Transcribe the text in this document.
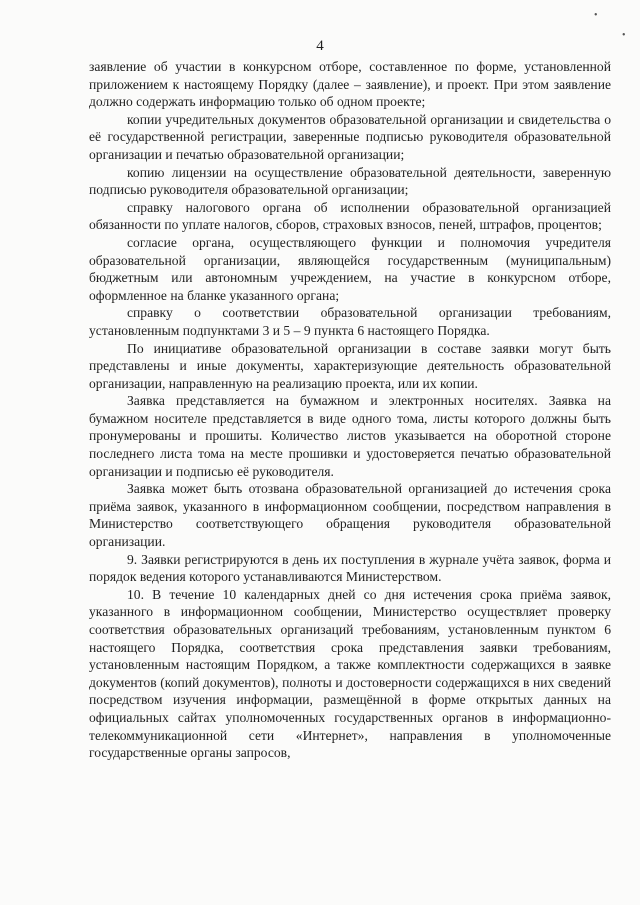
•
•
4

заявление об участии в конкурсном отборе, составленное по форме, установленной приложением к настоящему Порядку (далее – заявление), и проект. При этом заявление должно содержать информацию только об одном проекте;

копии учредительных документов образовательной организации и свидетельства о её государственной регистрации, заверенные подписью руководителя образовательной организации и печатью образовательной организации;

копию лицензии на осуществление образовательной деятельности, заверенную подписью руководителя образовательной организации;

справку налогового органа об исполнении образовательной организацией обязанности по уплате налогов, сборов, страховых взносов, пеней, штрафов, процентов;

согласие органа, осуществляющего функции и полномочия учредителя образовательной организации, являющейся государственным (муниципальным) бюджетным или автономным учреждением, на участие в конкурсном отборе, оформленное на бланке указанного органа;

справку о соответствии образовательной организации требованиям, установленным подпунктами 3 и 5 – 9 пункта 6 настоящего Порядка.

По инициативе образовательной организации в составе заявки могут быть представлены и иные документы, характеризующие деятельность образовательной организации, направленную на реализацию проекта, или их копии.

Заявка представляется на бумажном и электронных носителях. Заявка на бумажном носителе представляется в виде одного тома, листы которого должны быть пронумерованы и прошиты. Количество листов указывается на оборотной стороне последнего листа тома на месте прошивки и удостоверяется печатью образовательной организации и подписью её руководителя.

Заявка может быть отозвана образовательной организацией до истечения срока приёма заявок, указанного в информационном сообщении, посредством направления в Министерство соответствующего обращения руководителя образовательной организации.

9. Заявки регистрируются в день их поступления в журнале учёта заявок, форма и порядок ведения которого устанавливаются Министерством.

10. В течение 10 календарных дней со дня истечения срока приёма заявок, указанного в информационном сообщении, Министерство осуществляет проверку соответствия образовательных организаций требованиям, установленным пунктом 6 настоящего Порядка, соответствия срока представления заявки требованиям, установленным настоящим Порядком, а также комплектности содержащихся в заявке документов (копий документов), полноты и достоверности содержащихся в них сведений посредством изучения информации, размещённой в форме открытых данных на официальных сайтах уполномоченных государственных органов в информационно-телекоммуникационной сети «Интернет», направления в уполномоченные государственные органы запросов,
